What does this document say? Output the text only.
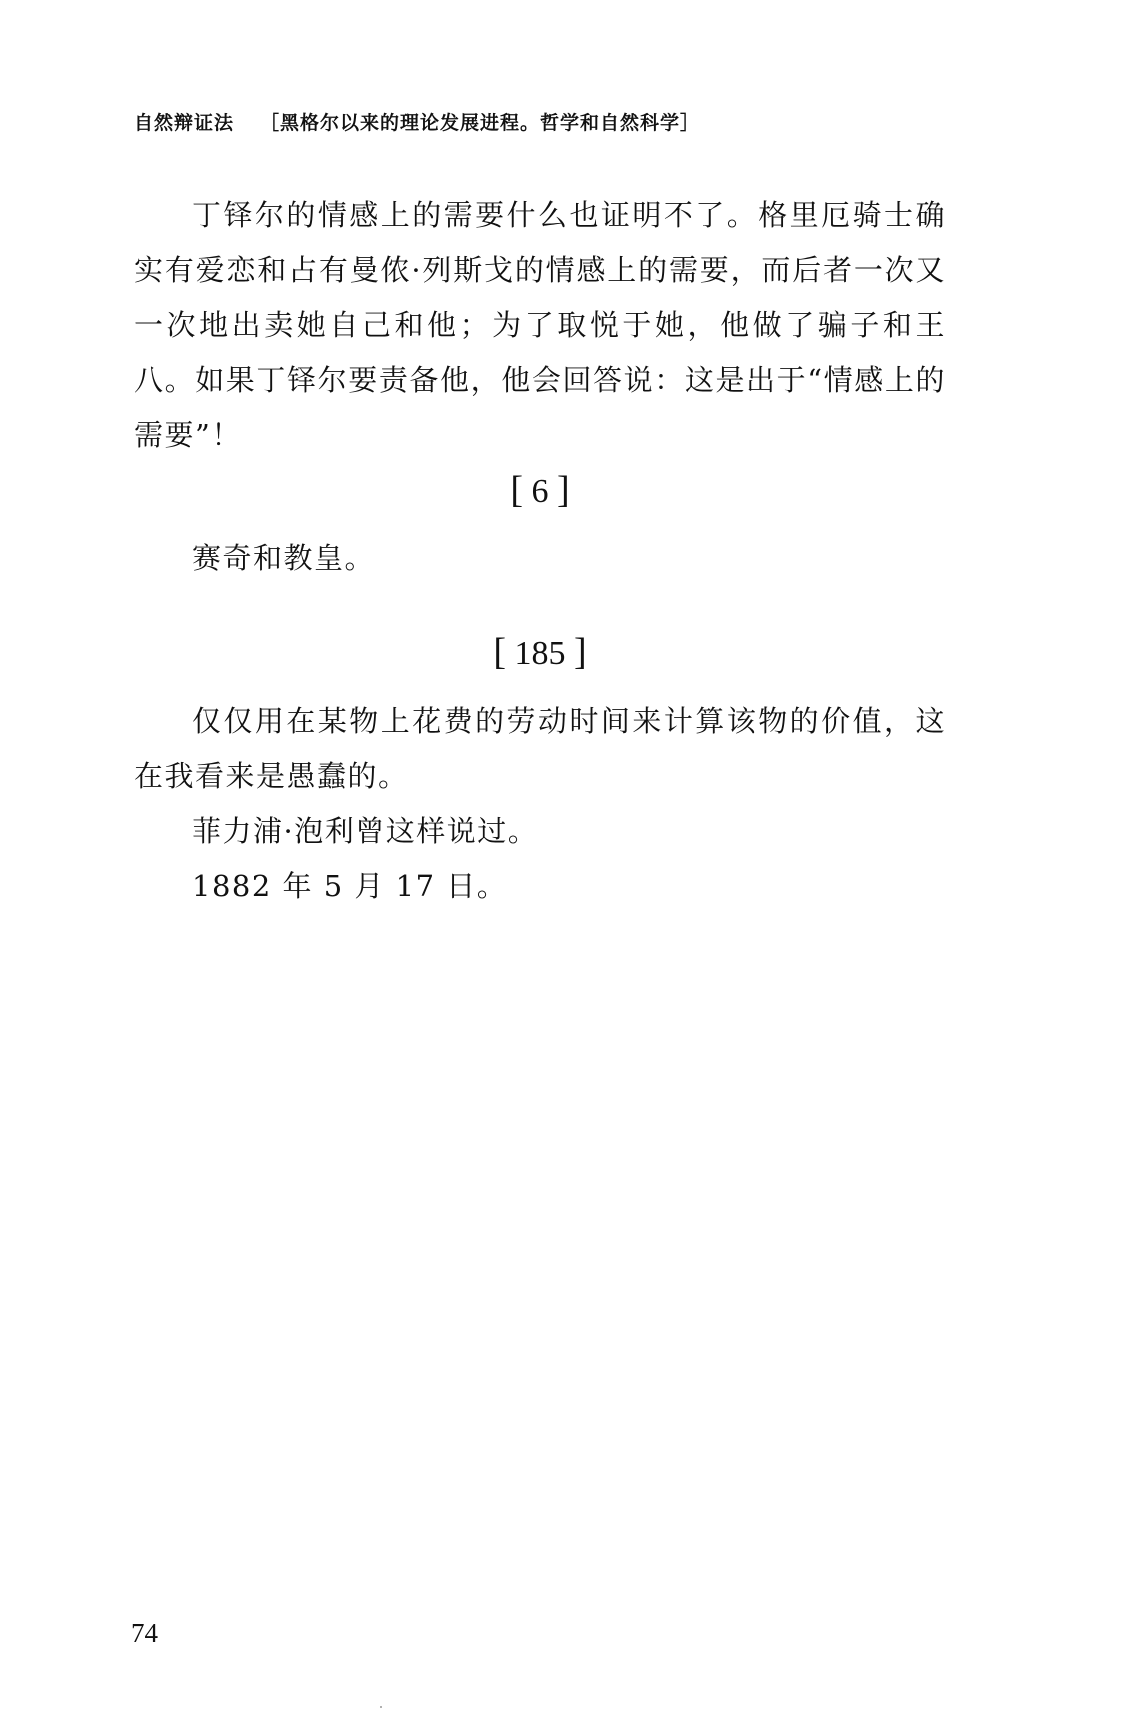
自然辩证法 ［黑格尔以来的理论发展进程。哲学和自然科学］

丁铎尔的情感上的需要什么也证明不了。格里厄骑士确实有爱恋和占有曼侬·列斯戈的情感上的需要，而后者一次又一次地出卖她自己和他；为了取悦于她，他做了骗子和王八。如果丁铎尔要责备他，他会回答说：这是出于“情感上的需要”！

[ 6 ]

赛奇和教皇。

[ 185 ]

仅仅用在某物上花费的劳动时间来计算该物的价值，这在我看来是愚蠢的。

菲力浦·泡利曾这样说过。

1882 年 5 月 17 日。

74
